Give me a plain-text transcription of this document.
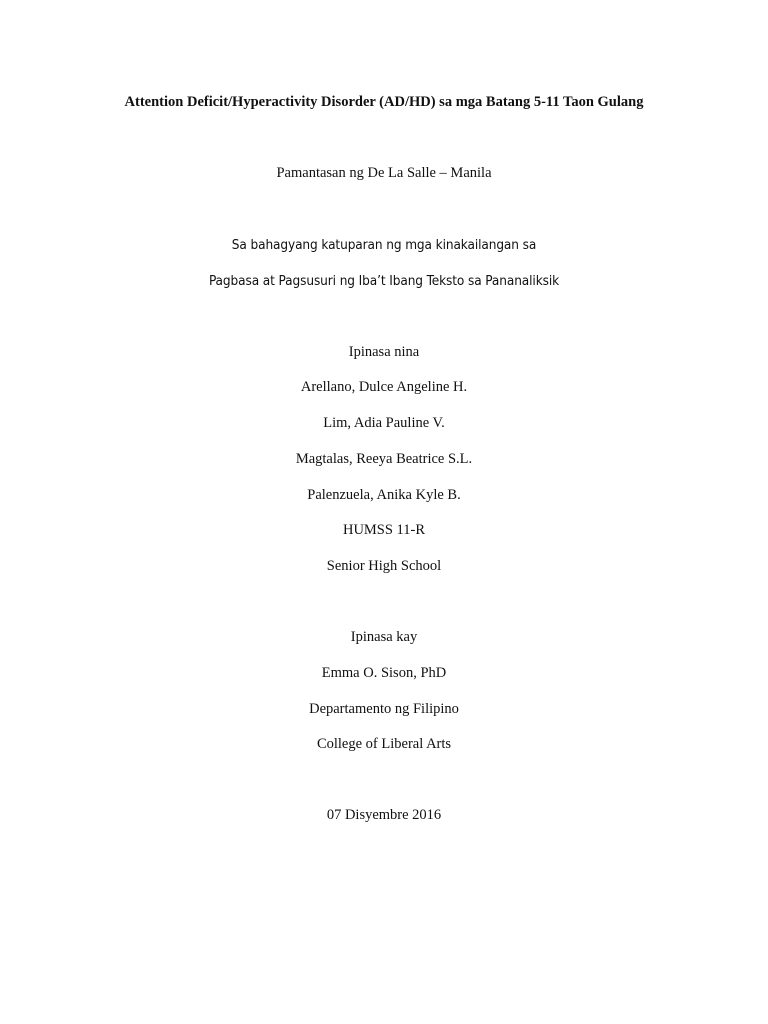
Attention Deficit/Hyperactivity Disorder (AD/HD) sa mga Batang 5-11 Taon Gulang
Pamantasan ng De La Salle – Manila
Sa bahagyang katuparan ng mga kinakailangan sa
Pagbasa at Pagsusuri ng Iba’t Ibang Teksto sa Pananaliksik
Ipinasa nina
Arellano, Dulce Angeline H.
Lim, Adia Pauline V.
Magtalas, Reeya Beatrice S.L.
Palenzuela, Anika Kyle B.
HUMSS 11-R
Senior High School
Ipinasa kay
Emma O. Sison, PhD
Departamento ng Filipino
College of Liberal Arts
07 Disyembre 2016
